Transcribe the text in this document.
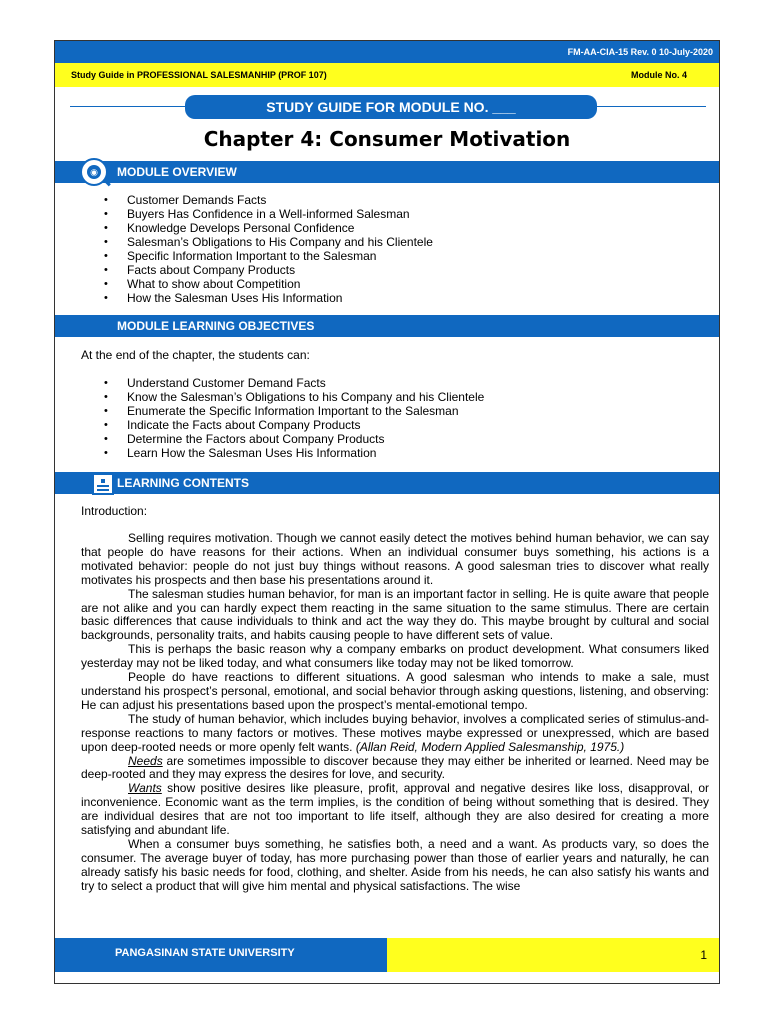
FM-AA-CIA-15 Rev. 0 10-July-2020
Study Guide in PROFESSIONAL SALESMANHIP (PROF 107)	Module No. 4
STUDY GUIDE FOR MODULE NO. ___
Chapter 4: Consumer Motivation
MODULE OVERVIEW
◉
• Customer Demands Facts
• Buyers Has Confidence in a Well-informed Salesman
• Knowledge Develops Personal Confidence
• Salesman’s Obligations to His Company and his Clientele
• Specific Information Important to the Salesman
• Facts about Company Products
• What to show about Competition
• How the Salesman Uses His Information
MODULE LEARNING OBJECTIVES
At the end of the chapter, the students can:
• Understand Customer Demand Facts
• Know the Salesman’s Obligations to his Company and his Clientele
• Enumerate the Specific Information Important to the Salesman
• Indicate the Facts about Company Products
• Determine the Factors about Company Products
• Learn How the Salesman Uses His Information
LEARNING CONTENTS
Introduction:

Selling requires motivation. Though we cannot easily detect the motives behind human behavior, we can say that people do have reasons for their actions. When an individual consumer buys something, his actions is a motivated behavior: people do not just buy things without reasons. A good salesman tries to discover what really motivates his prospects and then base his presentations around it.

The salesman studies human behavior, for man is an important factor in selling. He is quite aware that people are not alike and you can hardly expect them reacting in the same situation to the same stimulus. There are certain basic differences that cause individuals to think and act the way they do. This maybe brought by cultural and social backgrounds, personality traits, and habits causing people to have different sets of value.

This is perhaps the basic reason why a company embarks on product development. What consumers liked yesterday may not be liked today, and what consumers like today may not be liked tomorrow.

People do have reactions to different situations. A good salesman who intends to make a sale, must understand his prospect’s personal, emotional, and social behavior through asking questions, listening, and observing: He can adjust his presentations based upon the prospect’s mental-emotional tempo.

The study of human behavior, which includes buying behavior, involves a complicated series of stimulus-and-response reactions to many factors or motives. These motives maybe expressed or unexpressed, which are based upon deep-rooted needs or more openly felt wants. (Allan Reid, Modern Applied Salesmanship, 1975.)

Needs are sometimes impossible to discover because they may either be inherited or learned. Need may be deep-rooted and they may express the desires for love, and security.

Wants show positive desires like pleasure, profit, approval and negative desires like loss, disapproval, or inconvenience. Economic want as the term implies, is the condition of being without something that is desired. They are individual desires that are not too important to life itself, although they are also desired for creating a more satisfying and abundant life.

When a consumer buys something, he satisfies both, a need and a want. As products vary, so does the consumer. The average buyer of today, has more purchasing power than those of earlier years and naturally, he can already satisfy his basic needs for food, clothing, and shelter. Aside from his needs, he can also satisfy his wants and try to select a product that will give him mental and physical satisfactions. The wise

PANGASINAN STATE UNIVERSITY	1
